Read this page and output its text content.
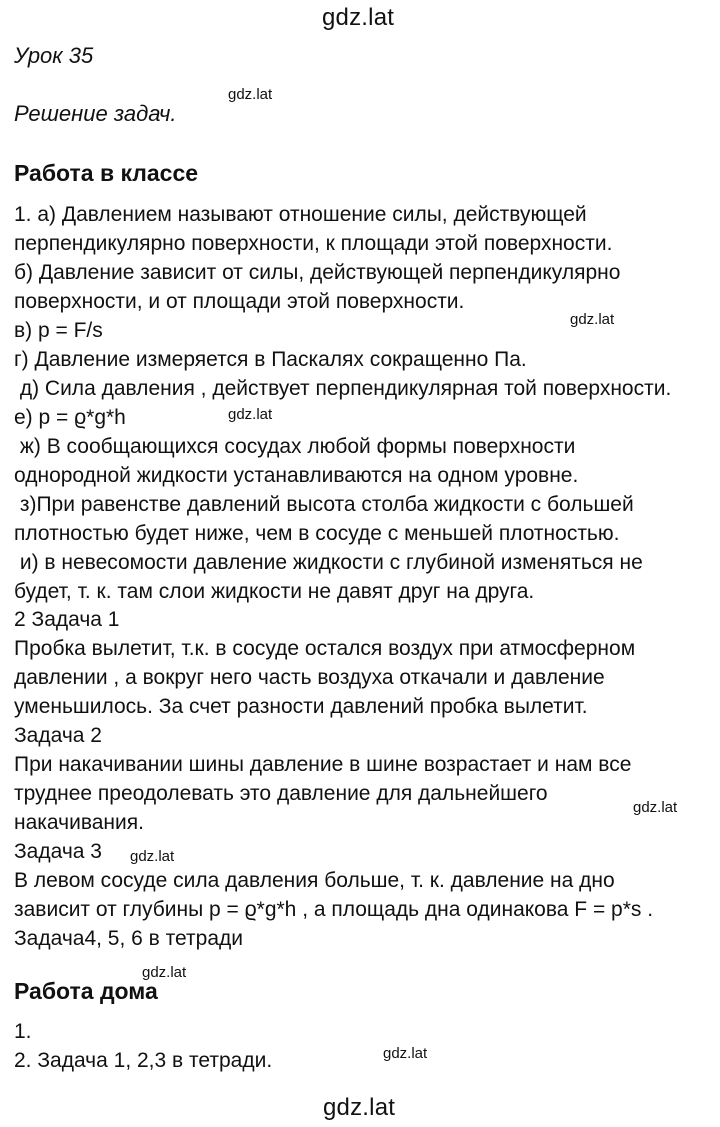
gdz.lat
gdz.lat
gdz.lat
gdz.lat
gdz.lat
gdz.lat
gdz.lat
gdz.lat
gdz.lat
Урок 35
Решение задач.
Работа в классе
1. а) Давлением называют отношение силы, действующей
перпендикулярно поверхности, к площади этой поверхности.
б) Давление зависит от силы, действующей перпендикулярно
поверхности, и от площади этой поверхности.
в) p = F/s
г) Давление измеряется в Паскалях сокращенно Па.
д) Сила давления , действует перпендикулярная той поверхности.
е) p = ϱ*g*h
ж) В сообщающихся сосудах любой формы поверхности
однородной жидкости устанавливаются на одном уровне.
з)При равенстве давлений высота столба жидкости с большей
плотностью будет ниже, чем в сосуде с меньшей плотностью.
и) в невесомости давление жидкости с глубиной изменяться не
будет, т. к. там слои жидкости не давят друг на друга.
2 Задача 1
Пробка вылетит, т.к. в сосуде остался воздух при атмосферном
давлении , а вокруг него часть воздуха откачали и давление
уменьшилось. За счет разности давлений пробка вылетит.
Задача 2
При накачивании шины давление в шине возрастает и нам все
труднее преодолевать это давление для дальнейшего
накачивания.
Задача 3
В левом сосуде сила давления больше, т. к. давление на дно
зависит от глубины p = ϱ*g*h , а площадь дна одинакова F = p*s .
Задача4, 5, 6 в тетради
Работа дома
1.
2. Задача 1, 2,3 в тетради.
